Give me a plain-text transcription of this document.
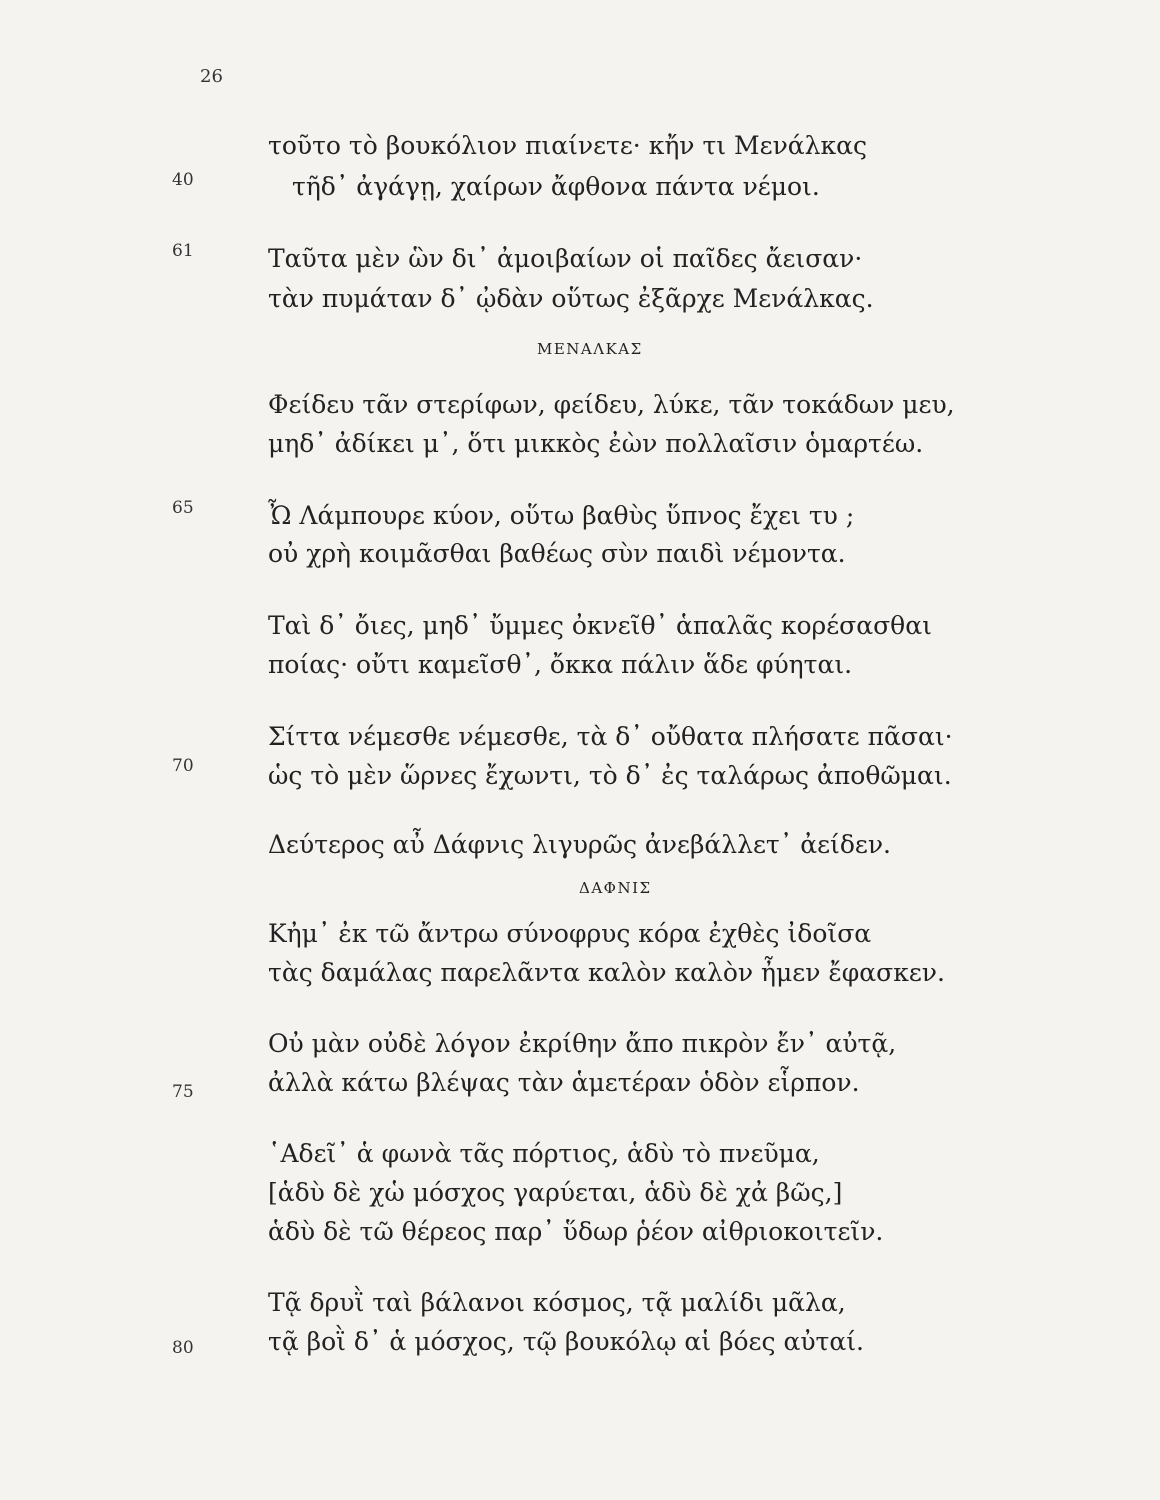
26
τοῦτο τὸ βουκόλιον πιαίνετε· κἤν τι Μενάλκας
40	τῆδ᾽ ἀγάγῃ, χαίρων ἄφθονα πάντα νέμοι.
61	Ταῦτα μὲν ὣν δι᾽ ἀμοιβαίων οἱ παῖδες ἄεισαν·
τὰν πυμάταν δ᾽ ᾠδὰν οὕτως ἐξᾶρχε Μενάλκας.
ΜΕΝΑΛΚΑΣ
Φείδευ τᾶν στερίφων, φείδευ, λύκε, τᾶν τοκάδων μευ,
μηδ᾽ ἀδίκει μ᾽, ὅτι μικκὸς ἐὼν πολλαῖσιν ὁμαρτέω.
65	Ὦ Λάμπουρε κύον, οὕτω βαθὺς ὕπνος ἔχει τυ ;
οὐ χρὴ κοιμᾶσθαι βαθέως σὺν παιδὶ νέμοντα.
Ταὶ δ᾽ ὄιες, μηδ᾽ ὔμμες ὀκνεῖθ᾽ ἁπαλᾶς κορέσασθαι
ποίας· οὔτι καμεῖσθ᾽, ὄκκα πάλιν ἅδε φύηται.
Σίττα νέμεσθε νέμεσθε, τὰ δ᾽ οὔθατα πλήσατε πᾶσαι·
70	ὡς τὸ μὲν ὥρνες ἔχωντι, τὸ δ᾽ ἐς ταλάρως ἀποθῶμαι.
Δεύτερος αὖ Δάφνις λιγυρῶς ἀνεβάλλετ᾽ ἀείδεν.
ΔΑΦΝΙΣ
Κἠμ᾽ ἐκ τῶ ἄντρω σύνοφρυς κόρα ἐχθὲς ἰδοῖσα
τὰς δαμάλας παρελᾶντα καλὸν καλὸν ἦμεν ἔφασκεν.
Οὐ μὰν οὐδὲ λόγον ἐκρίθην ἄπο πικρὸν ἔν᾽ αὐτᾷ,
75	ἀλλὰ κάτω βλέψας τὰν ἁμετέραν ὁδὸν εἷρπον.
῾Αδεῖ᾽ ἁ φωνὰ τᾶς πόρτιος, ἁδὺ τὸ πνεῦμα,
[ἁδὺ δὲ χὡ μόσχος γαρύεται, ἁδὺ δὲ χἀ βῶς,]
ἁδὺ δὲ τῶ θέρεος παρ᾽ ὕδωρ ῥέον αἰθριοκοιτεῖν.
Τᾷ δρυῒ ταὶ βάλανοι κόσμος, τᾷ μαλίδι μᾶλα,
80	τᾷ βοῒ δ᾽ ἁ μόσχος, τῷ βουκόλῳ αἱ βόες αὐταί.
